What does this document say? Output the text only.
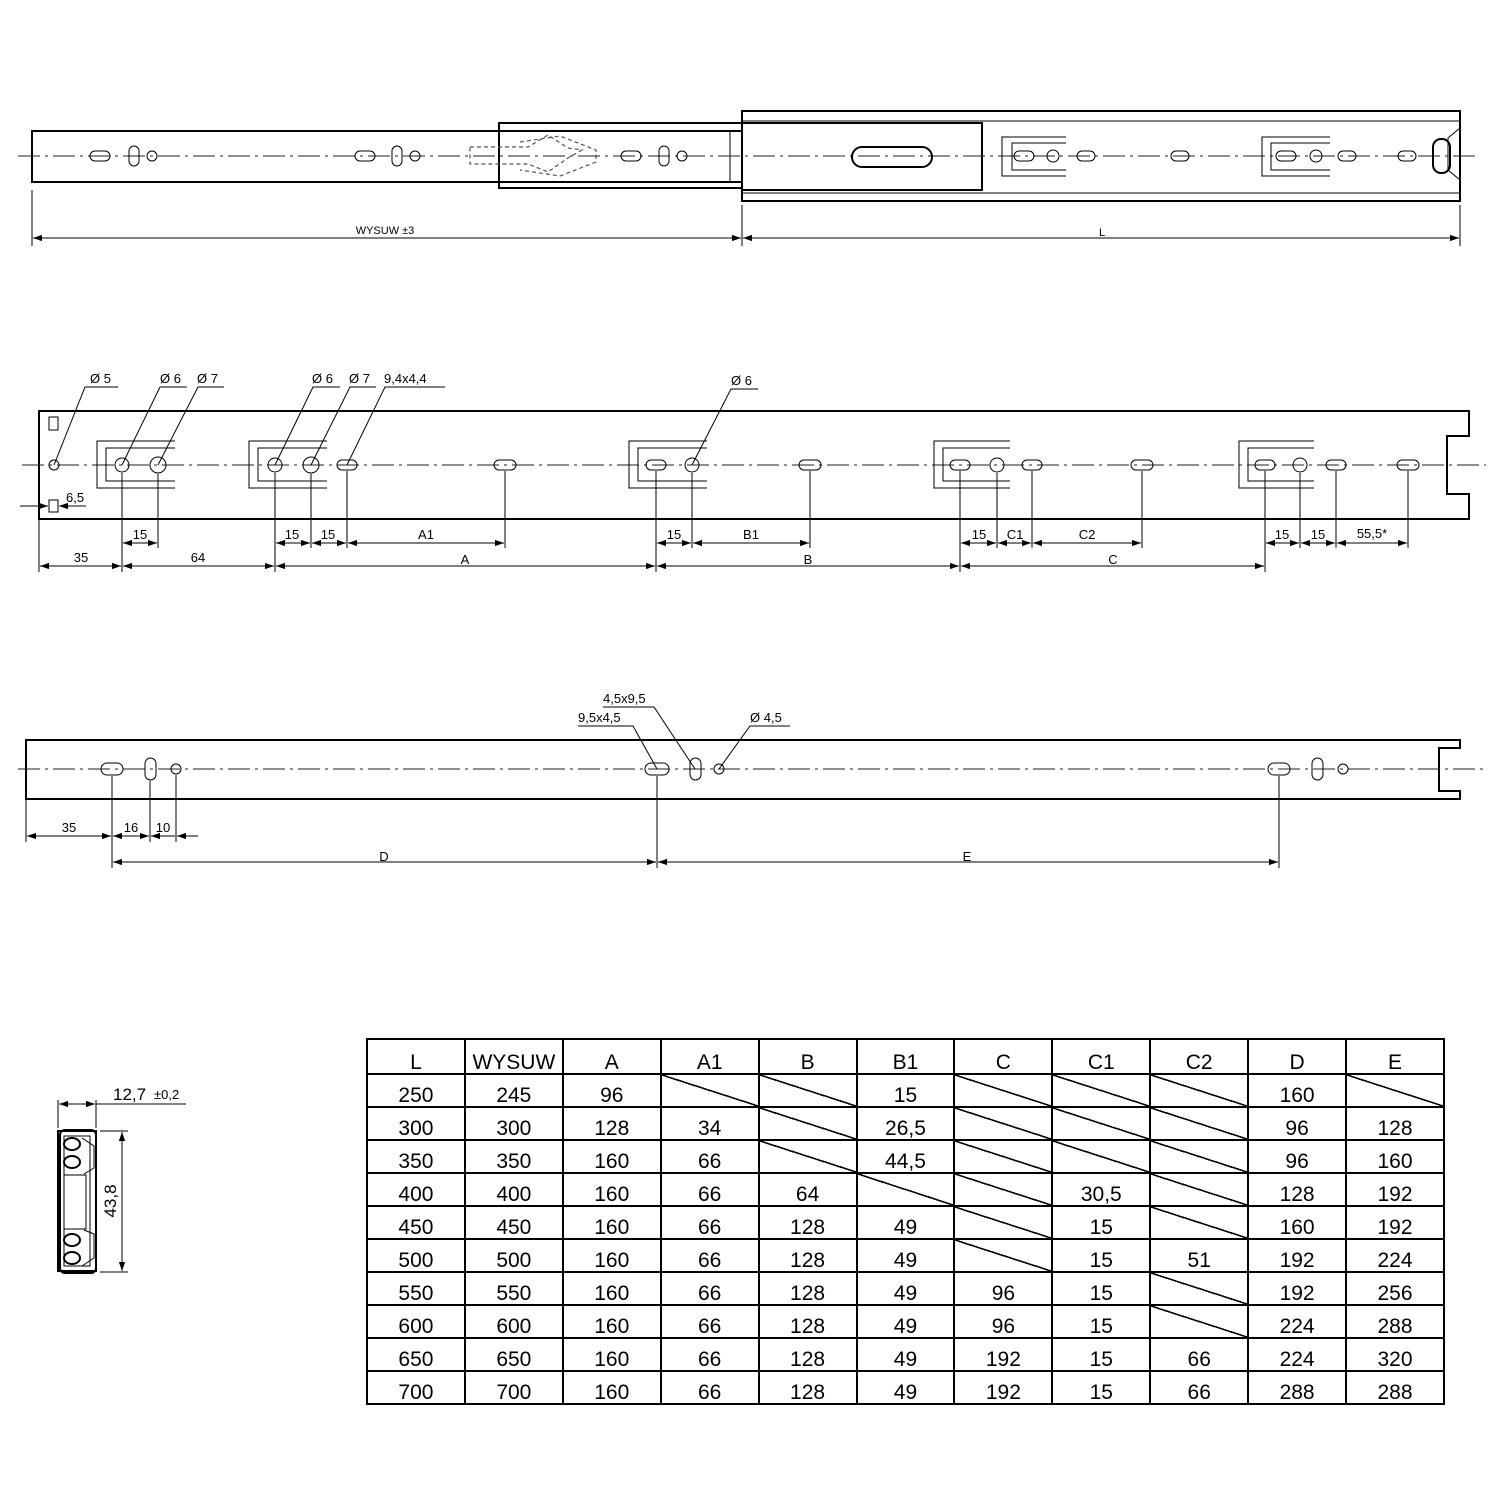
WYSUW ±3	L
Ø 5	Ø 6 Ø 7	Ø 6 Ø 7 9,4x4,4	Ø 6
6,5
15	15 15	A1	15	B1	15 C1	C2	15 15 55,5*
35	64	A	B	C
4,5x9,5
9,5x4,5	Ø 4,5
35	16 10
D	E
12,7 ±0,2
43,8
L	WYSUW	A	A1	B	B1	C	C1	C2	D	E
250	245	96			15				160	
300	300	128	34		26,5				96	128
350	350	160	66		44,5				96	160
400	400	160	66	64			30,5		128	192
450	450	160	66	128	49		15		160	192
500	500	160	66	128	49		15	51	192	224
550	550	160	66	128	49	96	15		192	256
600	600	160	66	128	49	96	15		224	288
650	650	160	66	128	49	192	15	66	224	320
700	700	160	66	128	49	192	15	66	288	288
